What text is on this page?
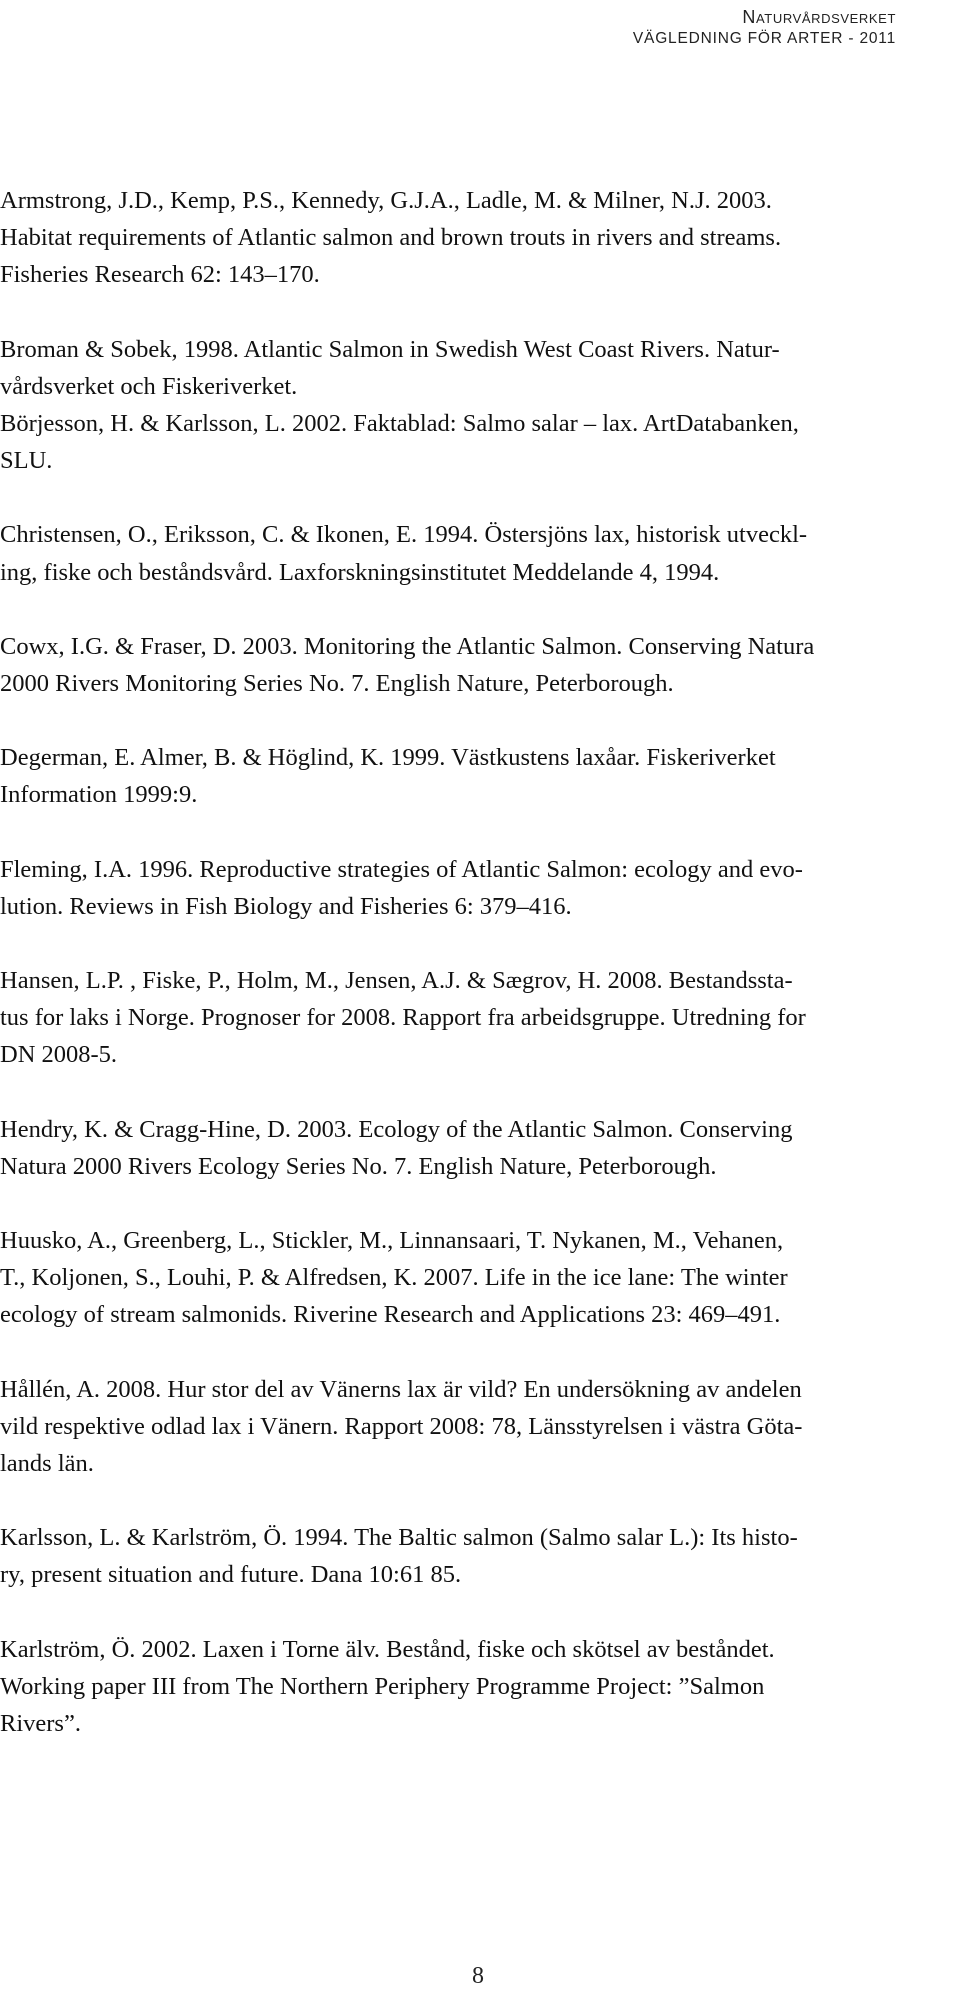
Naturvårdsverket
VÄGLEDNING FÖR ARTER - 2011
Armstrong, J.D., Kemp, P.S., Kennedy, G.J.A., Ladle, M. & Milner, N.J. 2003.
Habitat requirements of Atlantic salmon and brown trouts in rivers and streams.
Fisheries Research 62: 143–170.
Broman & Sobek, 1998. Atlantic Salmon in Swedish West Coast Rivers. Natur-
vårdsverket och Fiskeriverket.
Börjesson, H. & Karlsson, L. 2002. Faktablad: Salmo salar – lax. ArtDatabanken,
SLU.
Christensen, O., Eriksson, C. & Ikonen, E. 1994. Östersjöns lax, historisk utveckl-
ing, fiske och beståndsvård. Laxforskningsinstitutet Meddelande 4, 1994.
Cowx, I.G. & Fraser, D. 2003. Monitoring the Atlantic Salmon. Conserving Natura
2000 Rivers Monitoring Series No. 7. English Nature, Peterborough.
Degerman, E. Almer, B. & Höglind, K. 1999. Västkustens laxåar. Fiskeriverket
Information 1999:9.
Fleming, I.A. 1996. Reproductive strategies of Atlantic Salmon: ecology and evo-
lution. Reviews in Fish Biology and Fisheries 6: 379–416.
Hansen, L.P. , Fiske, P., Holm, M., Jensen, A.J. & Sægrov, H. 2008. Bestandssta-
tus for laks i Norge. Prognoser for 2008. Rapport fra arbeidsgruppe. Utredning for
DN 2008-5.
Hendry, K. & Cragg-Hine, D. 2003. Ecology of the Atlantic Salmon. Conserving
Natura 2000 Rivers Ecology Series No. 7. English Nature, Peterborough.
Huusko, A., Greenberg, L., Stickler, M., Linnansaari, T. Nykanen, M., Vehanen,
T., Koljonen, S., Louhi, P. & Alfredsen, K. 2007. Life in the ice lane: The winter
ecology of stream salmonids. Riverine Research and Applications 23: 469–491.
Hållén, A. 2008. Hur stor del av Vänerns lax är vild? En undersökning av andelen
vild respektive odlad lax i Vänern. Rapport 2008: 78, Länsstyrelsen i västra Göta-
lands län.
Karlsson, L. & Karlström, Ö. 1994. The Baltic salmon (Salmo salar L.): Its histo-
ry, present situation and future. Dana 10:61 85.
Karlström, Ö. 2002. Laxen i Torne älv. Bestånd, fiske och skötsel av beståndet.
Working paper III from The Northern Periphery Programme Project: ”Salmon
Rivers”.
8
